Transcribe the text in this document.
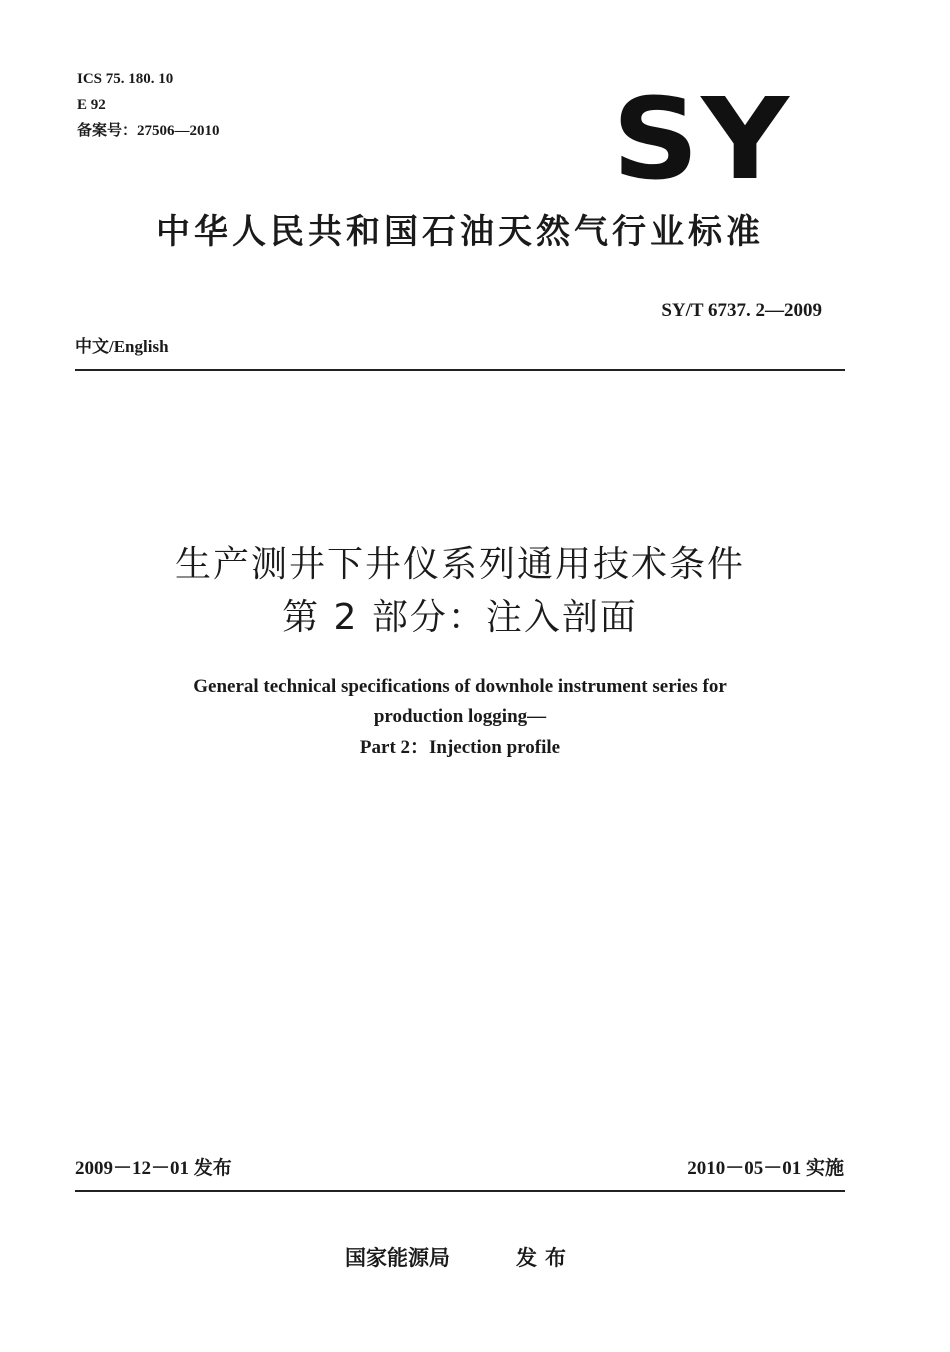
ICS 75. 180. 10
E 92
备案号：27506—2010	SY
中华人民共和国石油天然气行业标准
SY/T 6737. 2—2009
中文/English
生产测井下井仪系列通用技术条件
第 2 部分：注入剖面
General technical specifications of downhole instrument series for
production logging—
Part 2：Injection profile
2009－12－01 发布	2010－05－01 实施
国家能源局	发布
